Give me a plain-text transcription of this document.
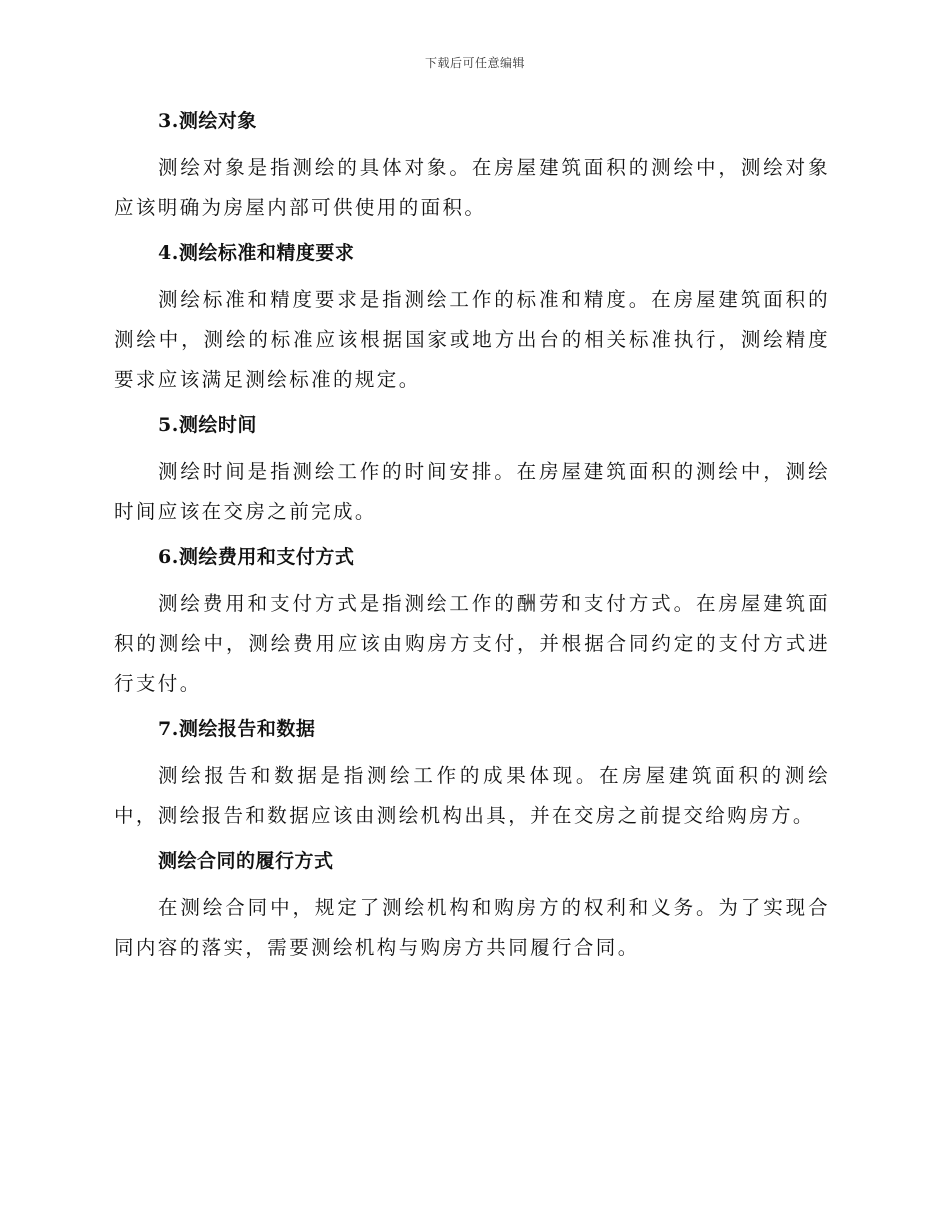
下载后可任意编辑
3.测绘对象

测绘对象是指测绘的具体对象。在房屋建筑面积的测绘中，测绘对象应该明确为房屋内部可供使用的面积。

4.测绘标准和精度要求

测绘标准和精度要求是指测绘工作的标准和精度。在房屋建筑面积的测绘中，测绘的标准应该根据国家或地方出台的相关标准执行，测绘精度要求应该满足测绘标准的规定。

5.测绘时间

测绘时间是指测绘工作的时间安排。在房屋建筑面积的测绘中，测绘时间应该在交房之前完成。

6.测绘费用和支付方式

测绘费用和支付方式是指测绘工作的酬劳和支付方式。在房屋建筑面积的测绘中，测绘费用应该由购房方支付，并根据合同约定的支付方式进行支付。

7.测绘报告和数据

测绘报告和数据是指测绘工作的成果体现。在房屋建筑面积的测绘中，测绘报告和数据应该由测绘机构出具，并在交房之前提交给购房方。

测绘合同的履行方式

在测绘合同中，规定了测绘机构和购房方的权利和义务。为了实现合同内容的落实，需要测绘机构与购房方共同履行合同。
